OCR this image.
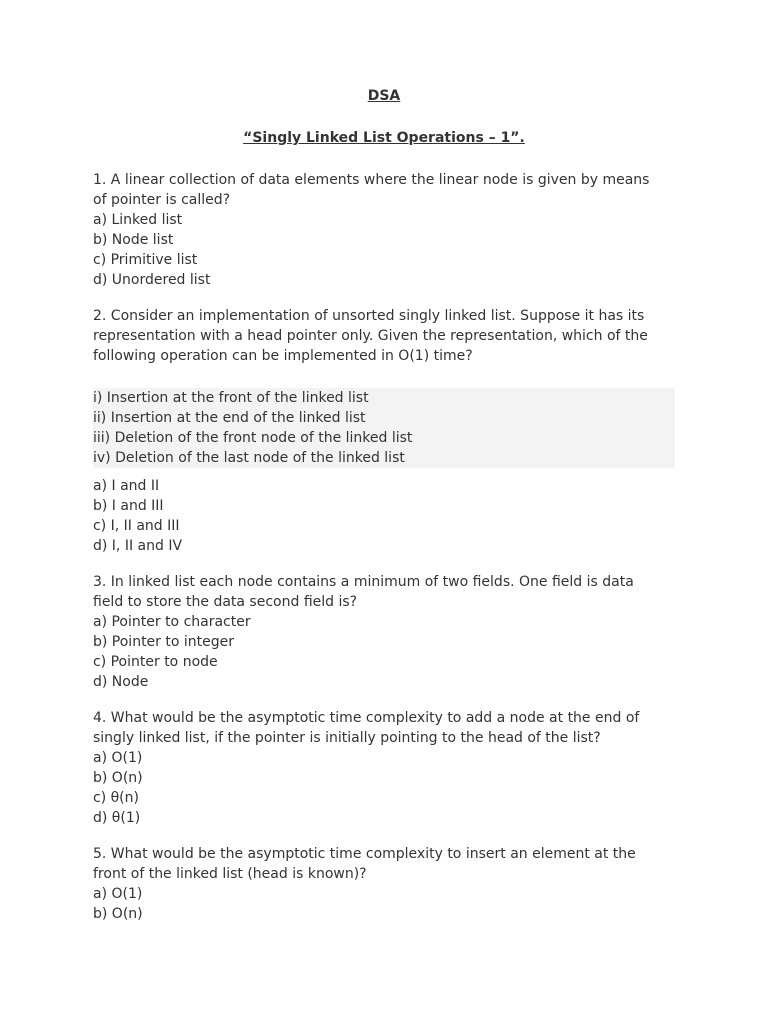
DSA

“Singly Linked List Operations – 1”.

1. A linear collection of data elements where the linear node is given by means
of pointer is called?
a) Linked list
b) Node list
c) Primitive list
d) Unordered list
2. Consider an implementation of unsorted singly linked list. Suppose it has its
representation with a head pointer only. Given the representation, which of the
following operation can be implemented in O(1) time?
i) Insertion at the front of the linked list
ii) Insertion at the end of the linked list
iii) Deletion of the front node of the linked list
iv) Deletion of the last node of the linked list
a) I and II
b) I and III
c) I, II and III
d) I, II and IV
3. In linked list each node contains a minimum of two fields. One field is data
field to store the data second field is?
a) Pointer to character
b) Pointer to integer
c) Pointer to node
d) Node
4. What would be the asymptotic time complexity to add a node at the end of
singly linked list, if the pointer is initially pointing to the head of the list?
a) O(1)
b) O(n)
c) θ(n)
d) θ(1)
5. What would be the asymptotic time complexity to insert an element at the
front of the linked list (head is known)?
a) O(1)
b) O(n)
